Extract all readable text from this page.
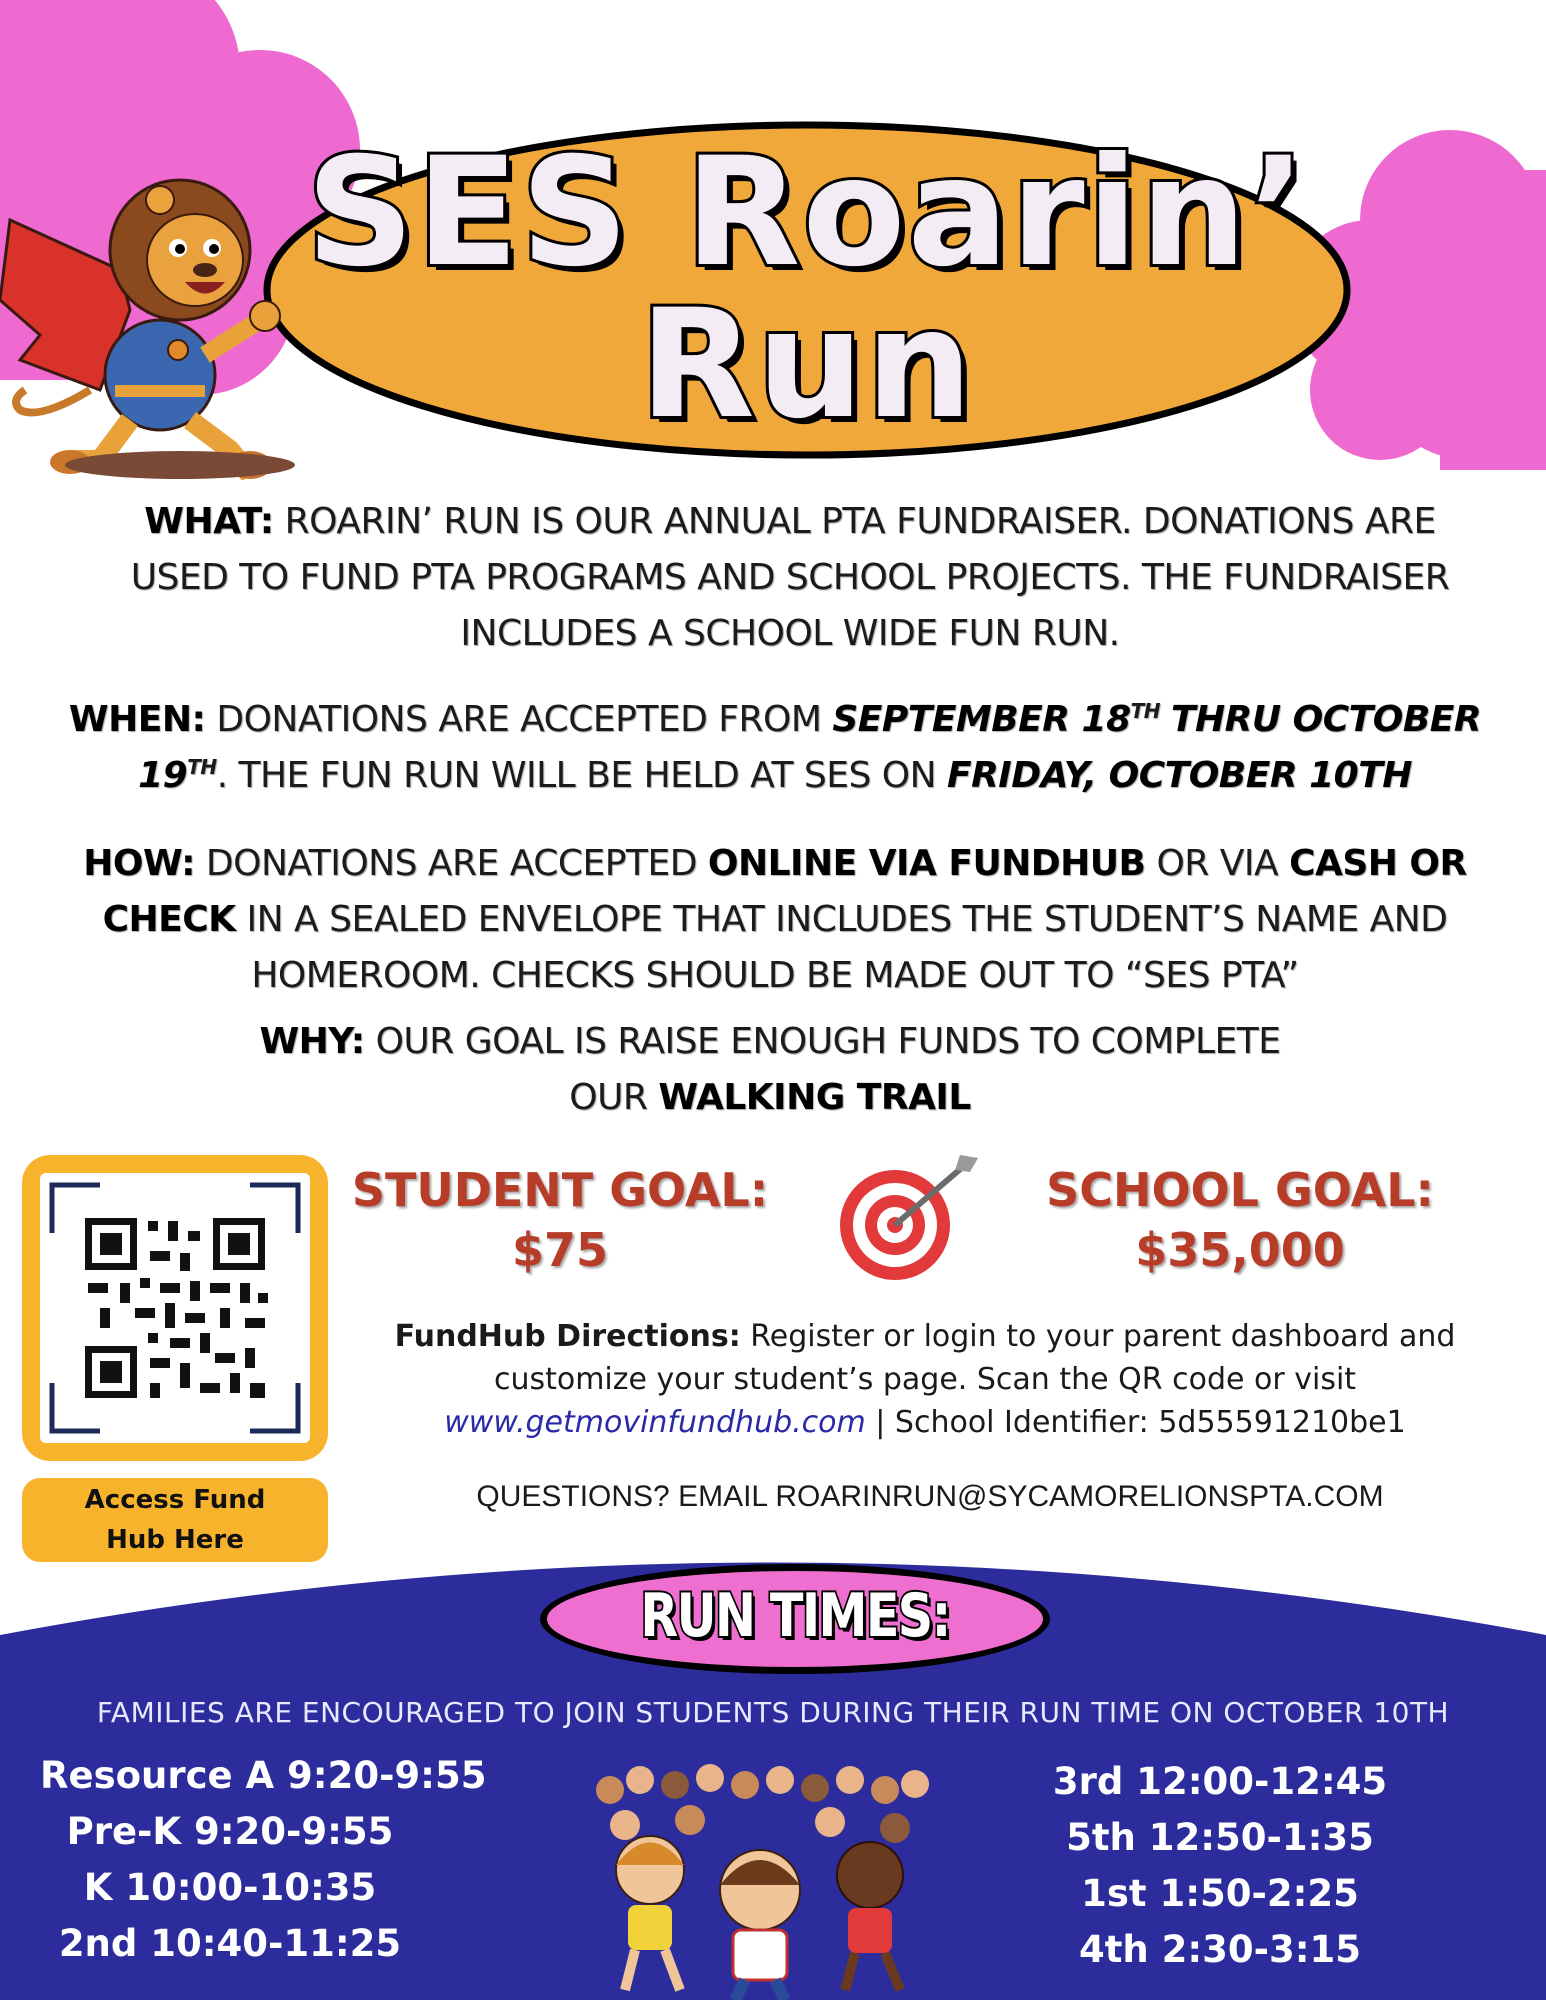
SES Roarin’
Run
WHAT: ROARIN’ RUN IS OUR ANNUAL PTA FUNDRAISER. DONATIONS ARE USED TO FUND PTA PROGRAMS AND SCHOOL PROJECTS. THE FUNDRAISER INCLUDES A SCHOOL WIDE FUN RUN.
WHEN: DONATIONS ARE ACCEPTED FROM SEPTEMBER 18TH THRU OCTOBER 19TH. THE FUN RUN WILL BE HELD AT SES ON FRIDAY, OCTOBER 10TH
HOW: DONATIONS ARE ACCEPTED ONLINE VIA FUNDHUB OR VIA CASH OR CHECK IN A SEALED ENVELOPE THAT INCLUDES THE STUDENT’S NAME AND HOMEROOM. CHECKS SHOULD BE MADE OUT TO “SES PTA”
WHY: OUR GOAL IS RAISE ENOUGH FUNDS TO COMPLETE OUR WALKING TRAIL
Access Fund
Hub Here
STUDENT GOAL:
$75
SCHOOL GOAL:
$35,000
FundHub Directions: Register or login to your parent dashboard and customize your student’s page. Scan the QR code or visit www.getmovinfundhub.com | School Identifier: 5d55591210be1
QUESTIONS? EMAIL ROARINRUN@SYCAMORELIONSPTA.COM
RUN TIMES:
FAMILIES ARE ENCOURAGED TO JOIN STUDENTS DURING THEIR RUN TIME ON OCTOBER 10TH
Resource A 9:20-9:55
Pre-K 9:20-9:55
K 10:00-10:35
2nd 10:40-11:25
3rd 12:00-12:45
5th 12:50-1:35
1st 1:50-2:25
4th 2:30-3:15
